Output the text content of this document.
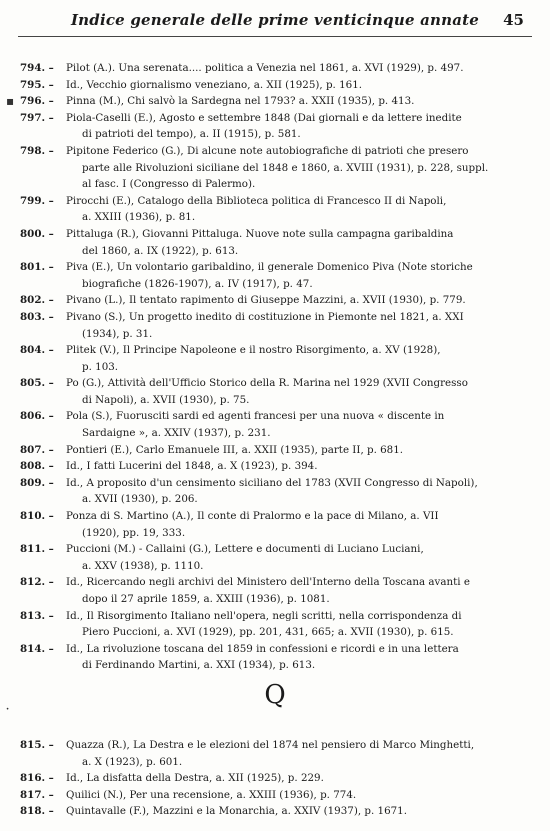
Indice generale delle prime venticinque annate	45
794. –	Pilot (A.). Una serenata.... politica a Venezia nel 1861, a. XVI (1929), p. 497.
795. –	Id., Vecchio giornalismo veneziano, a. XII (1925), p. 161.
796. –	Pinna (M.), Chi salvò la Sardegna nel 1793? a. XXII (1935), p. 413.
797. –	Piola-Caselli (E.), Agosto e settembre 1848 (Dai giornali e da lettere inedite
di patrioti del tempo), a. II (1915), p. 581.
798. –	Pipitone Federico (G.), Di alcune note autobiografiche di patrioti che presero
parte alle Rivoluzioni siciliane del 1848 e 1860, a. XVIII (1931), p. 228, suppl.
al fasc. I (Congresso di Palermo).
799. –	Pirocchi (E.), Catalogo della Biblioteca politica di Francesco II di Napoli,
a. XXIII (1936), p. 81.
800. –	Pittaluga (R.), Giovanni Pittaluga. Nuove note sulla campagna garibaldina
del 1860, a. IX (1922), p. 613.
801. –	Piva (E.), Un volontario garibaldino, il generale Domenico Piva (Note storiche
biografiche (1826-1907), a. IV (1917), p. 47.
802. –	Pivano (L.), Il tentato rapimento di Giuseppe Mazzini, a. XVII (1930), p. 779.
803. –	Pivano (S.), Un progetto inedito di costituzione in Piemonte nel 1821, a. XXI
(1934), p. 31.
804. –	Plitek (V.), Il Principe Napoleone e il nostro Risorgimento, a. XV (1928),
p. 103.
805. –	Po (G.), Attività dell'Ufficio Storico della R. Marina nel 1929 (XVII Congresso
di Napoli), a. XVII (1930), p. 75.
806. –	Pola (S.), Fuorusciti sardi ed agenti francesi per una nuova « discente in
Sardaigne », a. XXIV (1937), p. 231.
807. –	Pontieri (E.), Carlo Emanuele III, a. XXII (1935), parte II, p. 681.
808. –	Id., I fatti Lucerini del 1848, a. X (1923), p. 394.
809. –	Id., A proposito d'un censimento siciliano del 1783 (XVII Congresso di Napoli),
a. XVII (1930), p. 206.
810. –	Ponza di S. Martino (A.), Il conte di Pralormo e la pace di Milano, a. VII
(1920), pp. 19, 333.
811. –	Puccioni (M.) - Callaini (G.), Lettere e documenti di Luciano Luciani,
a. XXV (1938), p. 1110.
812. –	Id., Ricercando negli archivi del Ministero dell'Interno della Toscana avanti e
dopo il 27 aprile 1859, a. XXIII (1936), p. 1081.
813. –	Id., Il Risorgimento Italiano nell'opera, negli scritti, nella corrispondenza di
Piero Puccioni, a. XVI (1929), pp. 201, 431, 665; a. XVII (1930), p. 615.
814. –	Id., La rivoluzione toscana del 1859 in confessioni e ricordi e in una lettera
di Ferdinando Martini, a. XXI (1934), p. 613.
Q
815. –	Quazza (R.), La Destra e le elezioni del 1874 nel pensiero di Marco Minghetti,
a. X (1923), p. 601.
816. –	Id., La disfatta della Destra, a. XII (1925), p. 229.
817. –	Quilici (N.), Per una recensione, a. XXIII (1936), p. 774.
818. –	Quintavalle (F.), Mazzini e la Monarchia, a. XXIV (1937), p. 1671.
▪
·
